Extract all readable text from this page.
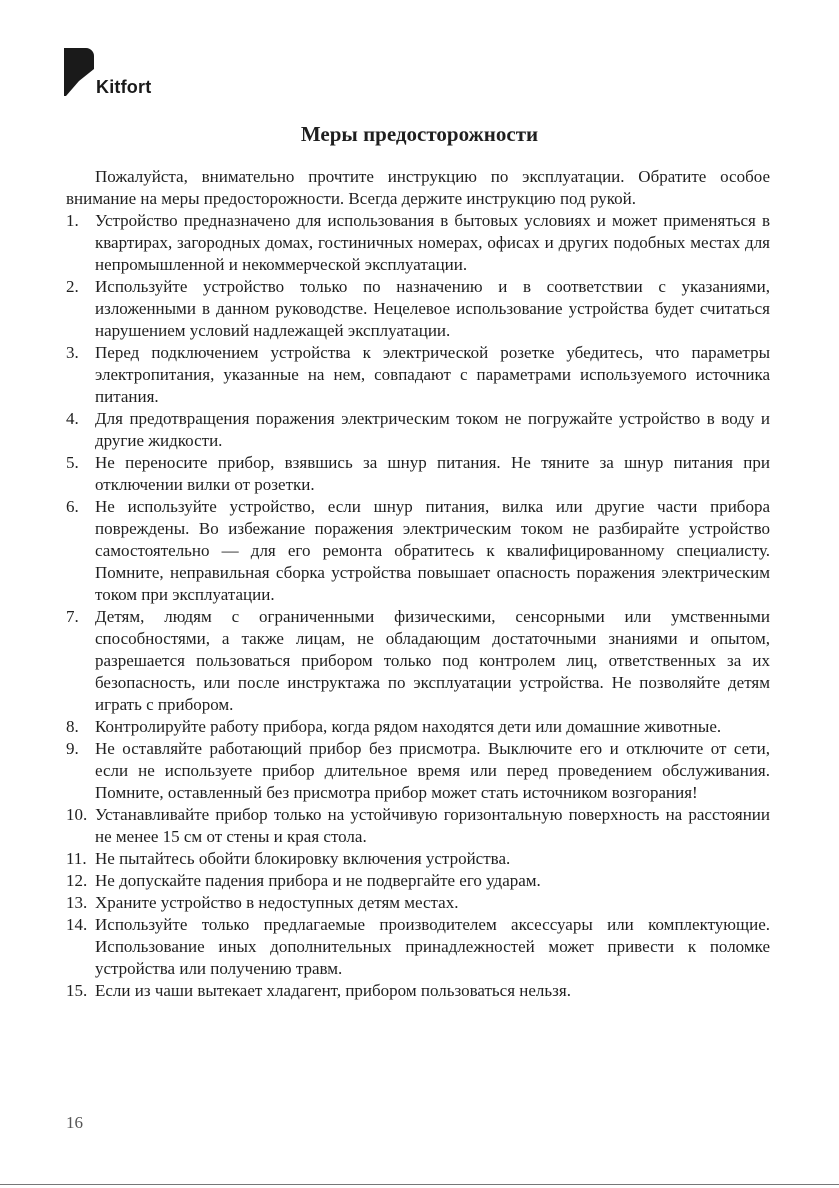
Kitfort
Меры предосторожности

Пожалуйста, внимательно прочтите инструкцию по эксплуатации. Обратите особое внимание на меры предосторожности. Всегда держите инструкцию под рукой.

1. Устройство предназначено для использования в бытовых условиях и может применяться в квартирах, загородных домах, гостиничных номерах, офисах и других подобных местах для непромышленной и некоммерческой эксплуатации.
2. Используйте устройство только по назначению и в соответствии с указаниями, изложенными в данном руководстве. Нецелевое использование устройства будет считаться нарушением условий надлежащей эксплуатации.
3. Перед подключением устройства к электрической розетке убедитесь, что параметры электропитания, указанные на нем, совпадают с параметрами используемого источника питания.
4. Для предотвращения поражения электрическим током не погружайте устройство в воду и другие жидкости.
5. Не переносите прибор, взявшись за шнур питания. Не тяните за шнур питания при отключении вилки от розетки.
6. Не используйте устройство, если шнур питания, вилка или другие части прибора повреждены. Во избежание поражения электрическим током не разбирайте устройство самостоятельно — для его ремонта обратитесь к квалифицированному специалисту. Помните, неправильная сборка устройства повышает опасность поражения электрическим током при эксплуатации.
7. Детям, людям с ограниченными физическими, сенсорными или умственными способностями, а также лицам, не обладающим достаточными знаниями и опытом, разрешается пользоваться прибором только под контролем лиц, ответственных за их безопасность, или после инструктажа по эксплуатации устройства. Не позволяйте детям играть с прибором.
8. Контролируйте работу прибора, когда рядом находятся дети или домашние животные.
9. Не оставляйте работающий прибор без присмотра. Выключите его и отключите от сети, если не используете прибор длительное время или перед проведением обслуживания. Помните, оставленный без присмотра прибор может стать источником возгорания!
10. Устанавливайте прибор только на устойчивую горизонтальную поверхность на расстоянии не менее 15 см от стены и края стола.
11. Не пытайтесь обойти блокировку включения устройства.
12. Не допускайте падения прибора и не подвергайте его ударам.
13. Храните устройство в недоступных детям местах.
14. Используйте только предлагаемые производителем аксессуары или комплектующие. Использование иных дополнительных принадлежностей может привести к поломке устройства или получению травм.
15. Если из чаши вытекает хладагент, прибором пользоваться нельзя.
16
